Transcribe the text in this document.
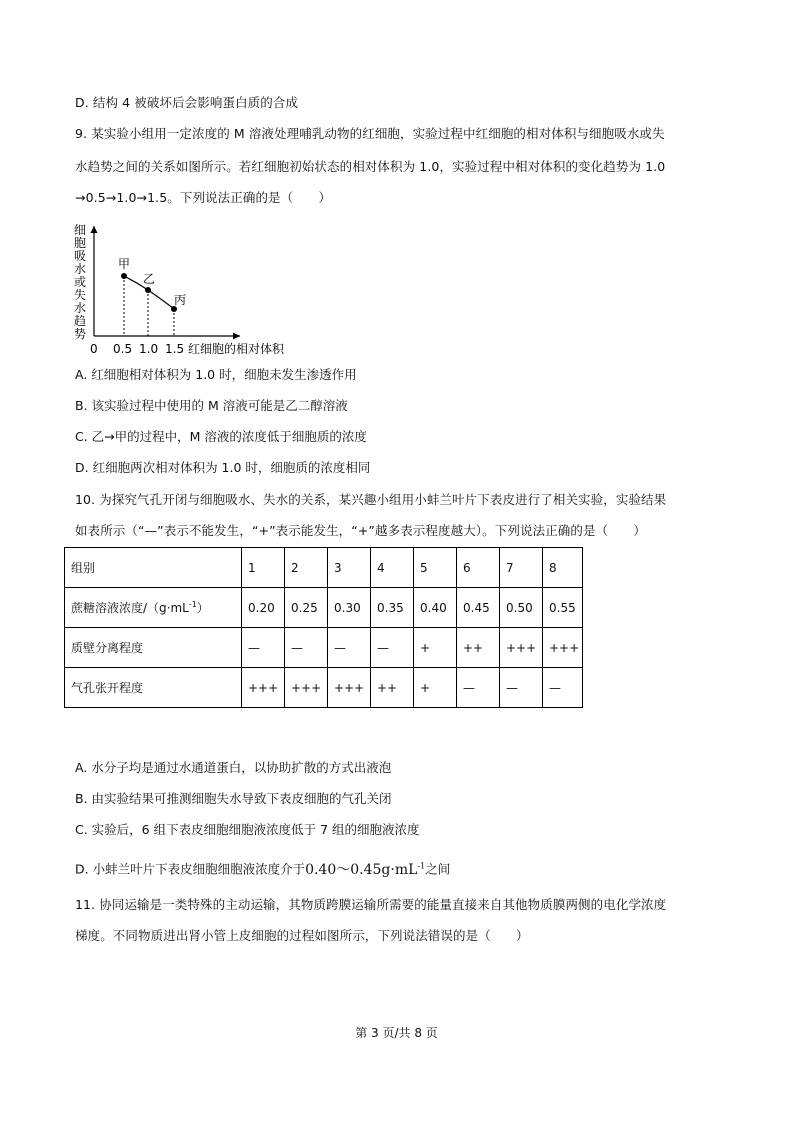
D. 结构 4 被破坏后会影响蛋白质的合成
9. 某实验小组用一定浓度的 M 溶液处理哺乳动物的红细胞，实验过程中红细胞的相对体积与细胞吸水或失
水趋势之间的关系如图所示。若红细胞初始状态的相对体积为 1.0，实验过程中相对体积的变化趋势为 1.0
→0.5→1.0→1.5。下列说法正确的是（　　）
细胞吸水或失水趋势
甲
乙
丙
0 0.5 1.0 1.5 红细胞的相对体积
A. 红细胞相对体积为 1.0 时，细胞未发生渗透作用
B. 该实验过程中使用的 M 溶液可能是乙二醇溶液
C. 乙→甲的过程中，M 溶液的浓度低于细胞质的浓度
D. 红细胞两次相对体积为 1.0 时，细胞质的浓度相同
10. 为探究气孔开闭与细胞吸水、失水的关系，某兴趣小组用小蚌兰叶片下表皮进行了相关实验，实验结果
如表所示（“—”表示不能发生，“+”表示能发生，“+”越多表示程度越大）。下列说法正确的是（　　）
组别	1	2	3	4	5	6	7	8
蔗糖溶液浓度$/(g\cdot mL^{-1})$	0.20	0.25	0.30	0.35	0.40	0.45	0.50	0.55
质壁分离程度	—	—	—	—	+	++	+++	+++
气孔张开程度	+++	+++	+++	++	+	—	—	—
A. 水分子均是通过水通道蛋白，以协助扩散的方式出液泡
B. 由实验结果可推测细胞失水导致下表皮细胞的气孔关闭
C. 实验后，6 组下表皮细胞细胞液浓度低于 7 组的细胞液浓度
D. 小蚌兰叶片下表皮细胞细胞液浓度介于$0.40\sim 0.45g\cdot mL^{-1}$之间
11. 协同运输是一类特殊的主动运输，其物质跨膜运输所需要的能量直接来自其他物质膜两侧的电化学浓度
梯度。不同物质进出肾小管上皮细胞的过程如图所示，下列说法错误的是（　　）
第 3 页/共 8 页
